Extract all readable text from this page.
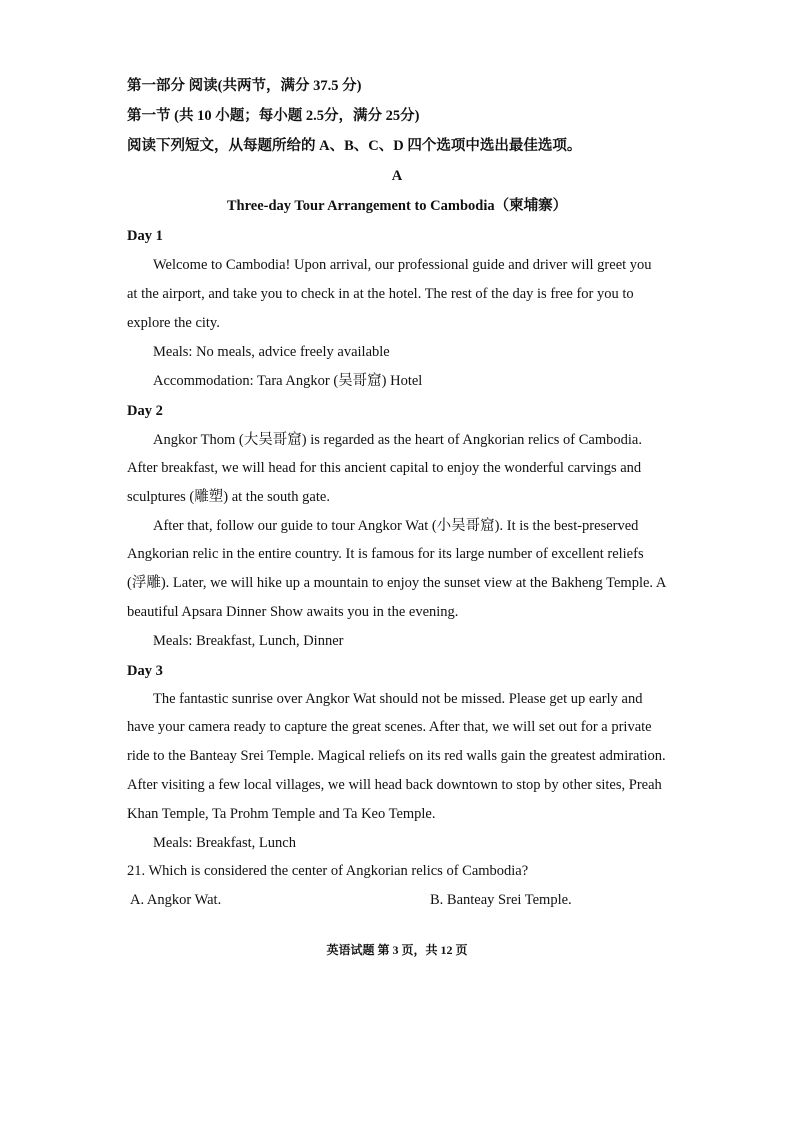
第一部分 阅读(共两节，满分 37.5 分)
第一节 (共 10 小题；每小题 2.5分，满分 25分)
阅读下列短文，从每题所给的 A、B、C、D 四个选项中选出最佳选项。
A
Three-day Tour Arrangement to Cambodia（柬埔寨）
Day 1
Welcome to Cambodia! Upon arrival, our professional guide and driver will greet you
at the airport, and take you to check in at the hotel. The rest of the day is free for you to
explore the city.
Meals: No meals, advice freely available
Accommodation: Tara Angkor (吴哥窟) Hotel
Day 2
Angkor Thom (大吴哥窟) is regarded as the heart of Angkorian relics of Cambodia.
After breakfast, we will head for this ancient capital to enjoy the wonderful carvings and
sculptures (雕塑) at the south gate.
After that, follow our guide to tour Angkor Wat (小吴哥窟). It is the best-preserved
Angkorian relic in the entire country. It is famous for its large number of excellent reliefs
(浮雕). Later, we will hike up a mountain to enjoy the sunset view at the Bakheng Temple. A
beautiful Apsara Dinner Show awaits you in the evening.
Meals: Breakfast, Lunch, Dinner
Day 3
The fantastic sunrise over Angkor Wat should not be missed. Please get up early and
have your camera ready to capture the great scenes. After that, we will set out for a private
ride to the Banteay Srei Temple. Magical reliefs on its red walls gain the greatest admiration.
After visiting a few local villages, we will head back downtown to stop by other sites, Preah
Khan Temple, Ta Prohm Temple and Ta Keo Temple.
Meals: Breakfast, Lunch
21. Which is considered the center of Angkorian relics of Cambodia?
A. Angkor Wat.	B. Banteay Srei Temple.
英语试题 第 3 页，共 12 页
